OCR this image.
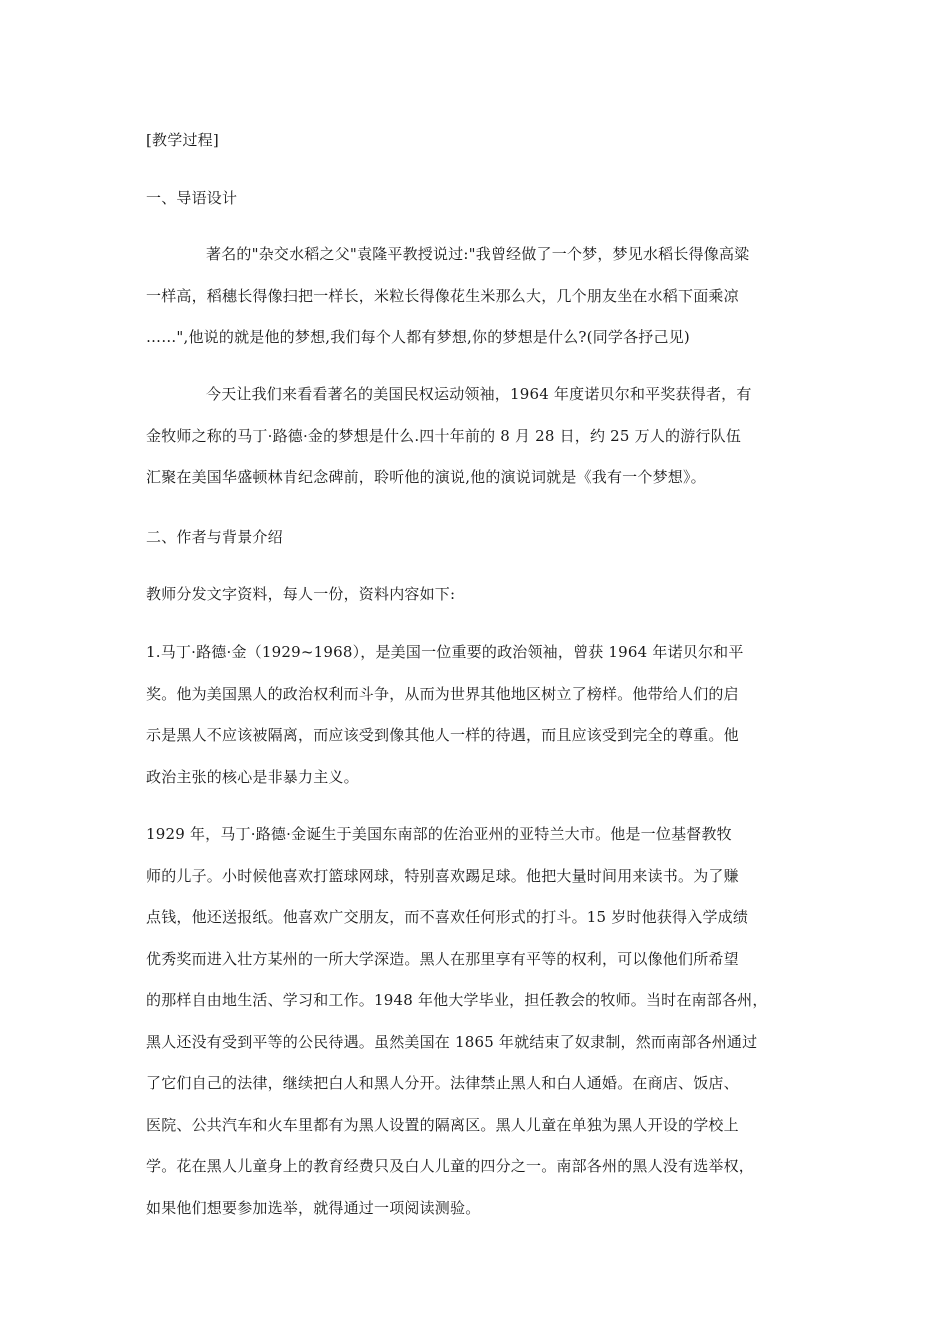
[教学过程]
一、导语设计
著名的"杂交水稻之父"袁隆平教授说过:"我曾经做了一个梦，梦见水稻长得像高粱
一样高，稻穗长得像扫把一样长，米粒长得像花生米那么大，几个朋友坐在水稻下面乘凉
……",他说的就是他的梦想,我们每个人都有梦想,你的梦想是什么?(同学各抒己见)
今天让我们来看看著名的美国民权运动领袖，1964 年度诺贝尔和平奖获得者，有
金牧师之称的马丁·路德·金的梦想是什么.四十年前的 8 月 28 日，约 25 万人的游行队伍
汇聚在美国华盛顿林肯纪念碑前，聆听他的演说,他的演说词就是《我有一个梦想》。
二、作者与背景介绍
教师分发文字资料，每人一份，资料内容如下:
1.马丁·路德·金（1929~1968），是美国一位重要的政治领袖，曾获 1964 年诺贝尔和平
奖。他为美国黑人的政治权利而斗争，从而为世界其他地区树立了榜样。他带给人们的启
示是黑人不应该被隔离，而应该受到像其他人一样的待遇，而且应该受到完全的尊重。他
政治主张的核心是非暴力主义。
1929 年，马丁·路德·金诞生于美国东南部的佐治亚州的亚特兰大市。他是一位基督教牧
师的儿子。小时候他喜欢打篮球网球，特别喜欢踢足球。他把大量时间用来读书。为了赚
点钱，他还送报纸。他喜欢广交朋友，而不喜欢任何形式的打斗。15 岁时他获得入学成绩
优秀奖而进入壮方某州的一所大学深造。黑人在那里享有平等的权利，可以像他们所希望
的那样自由地生活、学习和工作。1948 年他大学毕业，担任教会的牧师。当时在南部各州，
黑人还没有受到平等的公民待遇。虽然美国在 1865 年就结束了奴隶制，然而南部各州通过
了它们自己的法律，继续把白人和黑人分开。法律禁止黑人和白人通婚。在商店、饭店、
医院、公共汽车和火车里都有为黑人设置的隔离区。黑人儿童在单独为黑人开设的学校上
学。花在黑人儿童身上的教育经费只及白人儿童的四分之一。南部各州的黑人没有选举权，
如果他们想要参加选举，就得通过一项阅读测验。
